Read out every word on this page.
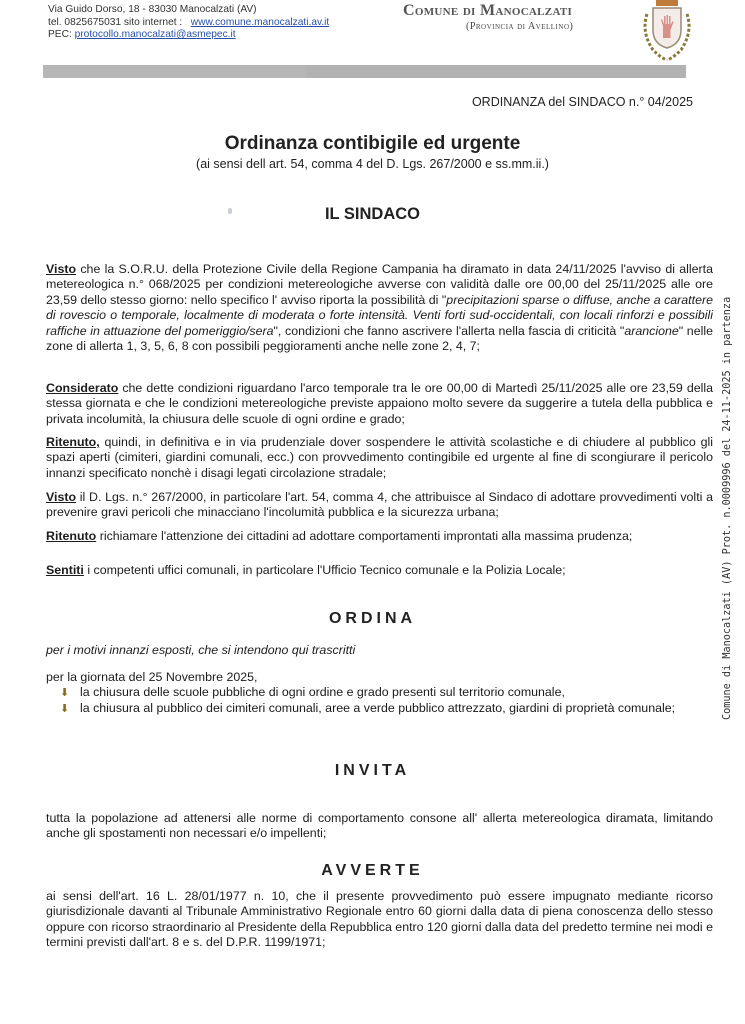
Via Guido Dorso, 18 - 83030 Manocalzati (AV)
tel. 0825675031 sito internet : www.comune.manocalzati.av.it
PEC: protocollo.manocalzati@asmepec.it
Comune di Manocalzati
(Provincia di Avellino)
ORDINANZA del SINDACO n.° 04/2025
Ordinanza contibigile ed urgente
(ai sensi dell art. 54, comma 4 del D. Lgs. 267/2000 e ss.mm.ii.)
IL SINDACO
Visto che la S.O.R.U. della Protezione Civile della Regione Campania ha diramato in data 24/11/2025 l'avviso di allerta metereologica n.° 068/2025 per condizioni metereologiche avverse con validità dalle ore 00,00 del 25/11/2025 alle ore 23,59 dello stesso giorno: nello specifico l' avviso riporta la possibilità di "precipitazioni sparse o diffuse, anche a carattere di rovescio o temporale, localmente di moderata o forte intensità. Venti forti sud-occidentali, con locali rinforzi e possibili raffiche in attuazione del pomeriggio/sera", condizioni che fanno ascrivere l'allerta nella fascia di criticità "arancione" nelle zone di allerta 1, 3, 5, 6, 8 con possibili peggioramenti anche nelle zone 2, 4, 7;
Considerato che dette condizioni riguardano l'arco temporale tra le ore 00,00 di Martedì 25/11/2025 alle ore 23,59 della stessa giornata e che le condizioni metereologiche previste appaiono molto severe da suggerire a tutela della pubblica e privata incolumità, la chiusura delle scuole di ogni ordine e grado;
Ritenuto, quindi, in definitiva e in via prudenziale dover sospendere le attività scolastiche e di chiudere al pubblico gli spazi aperti (cimiteri, giardini comunali, ecc.) con provvedimento contingibile ed urgente al fine di scongiurare il pericolo innanzi specificato nonchè i disagi legati circolazione stradale;
Visto il D. Lgs. n.° 267/2000, in particolare l'art. 54, comma 4, che attribuisce al Sindaco di adottare provvedimenti volti a prevenire gravi pericoli che minacciano l'incolumità pubblica e la sicurezza urbana;
Ritenuto richiamare l'attenzione dei cittadini ad adottare comportamenti improntati alla massima prudenza;
Sentiti i competenti uffici comunali, in particolare l'Ufficio Tecnico comunale e la Polizia Locale;
ORDINA
per i motivi innanzi esposti, che si intendono qui trascritti
per la giornata del 25 Novembre 2025,
⬇ la chiusura delle scuole pubbliche di ogni ordine e grado presenti sul territorio comunale,
⬇ la chiusura al pubblico dei cimiteri comunali, aree a verde pubblico attrezzato, giardini di proprietà comunale;
INVITA
tutta la popolazione ad attenersi alle norme di comportamento consone all' allerta metereologica diramata, limitando anche gli spostamenti non necessari e/o impellenti;
AVVERTE
ai sensi dell'art. 16 L. 28/01/1977 n. 10, che il presente provvedimento può essere impugnato mediante ricorso giurisdizionale davanti al Tribunale Amministrativo Regionale entro 60 giorni dalla data di piena conoscenza dello stesso oppure con ricorso straordinario al Presidente della Repubblica entro 120 giorni dalla data del predetto termine nei modi e termini previsti dall'art. 8 e s. del D.P.R. 1199/1971;
Comune di Manocalzati (AV) Prot. n.0009996 del 24-11-2025 in partenza
